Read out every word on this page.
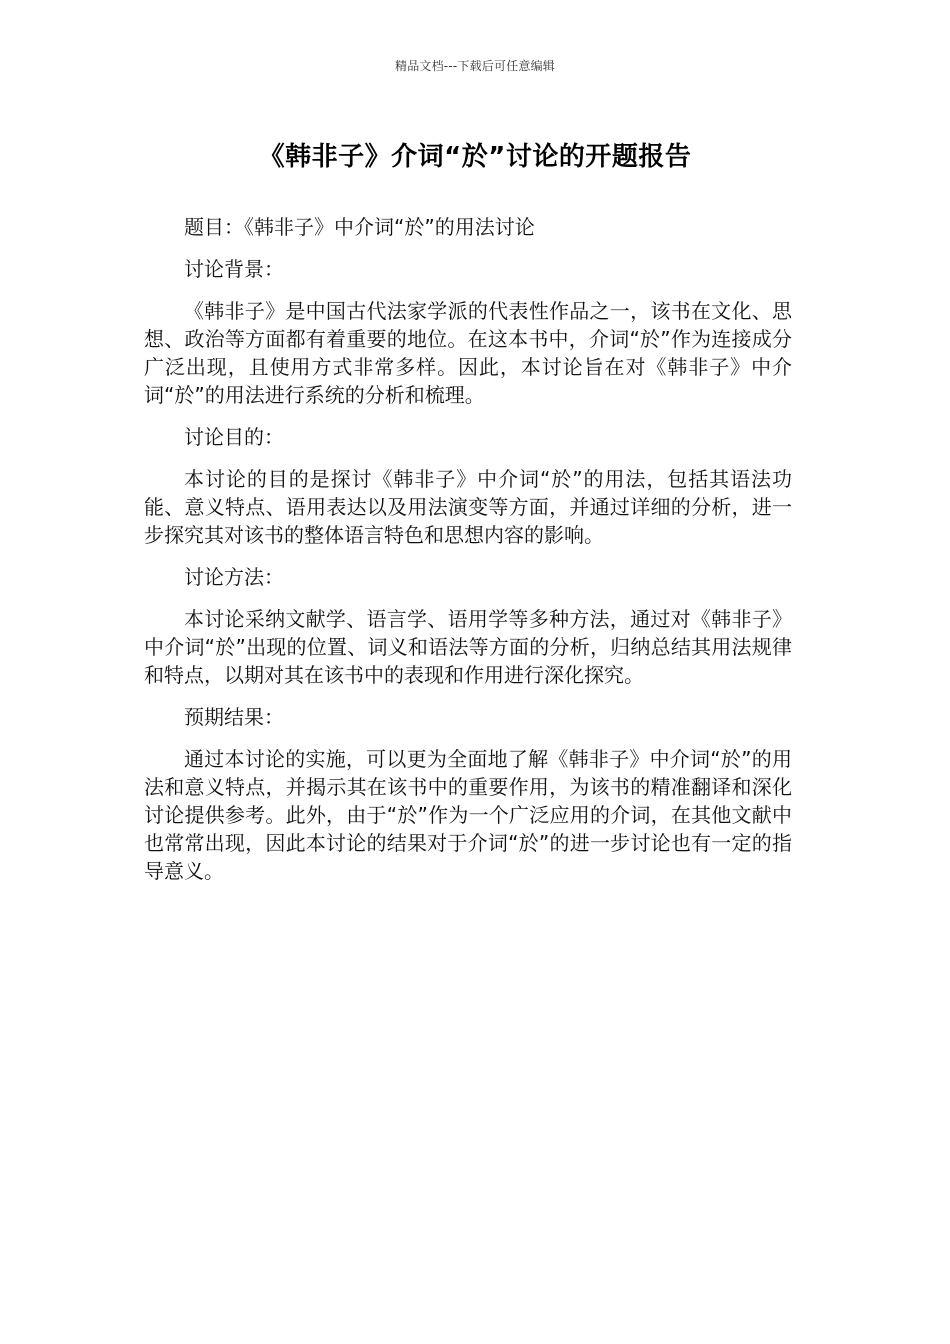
精品文档---下载后可任意编辑
《韩非子》介词“於”讨论的开题报告

题目：《韩非子》中介词“於”的用法讨论

讨论背景：

《韩非子》是中国古代法家学派的代表性作品之一，该书在文化、思想、政治等方面都有着重要的地位。在这本书中，介词“於”作为连接成分广泛出现，且使用方式非常多样。因此，本讨论旨在对《韩非子》中介词“於”的用法进行系统的分析和梳理。

讨论目的：

本讨论的目的是探讨《韩非子》中介词“於”的用法，包括其语法功能、意义特点、语用表达以及用法演变等方面，并通过详细的分析，进一步探究其对该书的整体语言特色和思想内容的影响。

讨论方法：

本讨论采纳文献学、语言学、语用学等多种方法，通过对《韩非子》中介词“於”出现的位置、词义和语法等方面的分析，归纳总结其用法规律和特点，以期对其在该书中的表现和作用进行深化探究。

预期结果：

通过本讨论的实施，可以更为全面地了解《韩非子》中介词“於”的用法和意义特点，并揭示其在该书中的重要作用，为该书的精准翻译和深化讨论提供参考。此外，由于“於”作为一个广泛应用的介词，在其他文献中也常常出现，因此本讨论的结果对于介词“於”的进一步讨论也有一定的指导意义。
